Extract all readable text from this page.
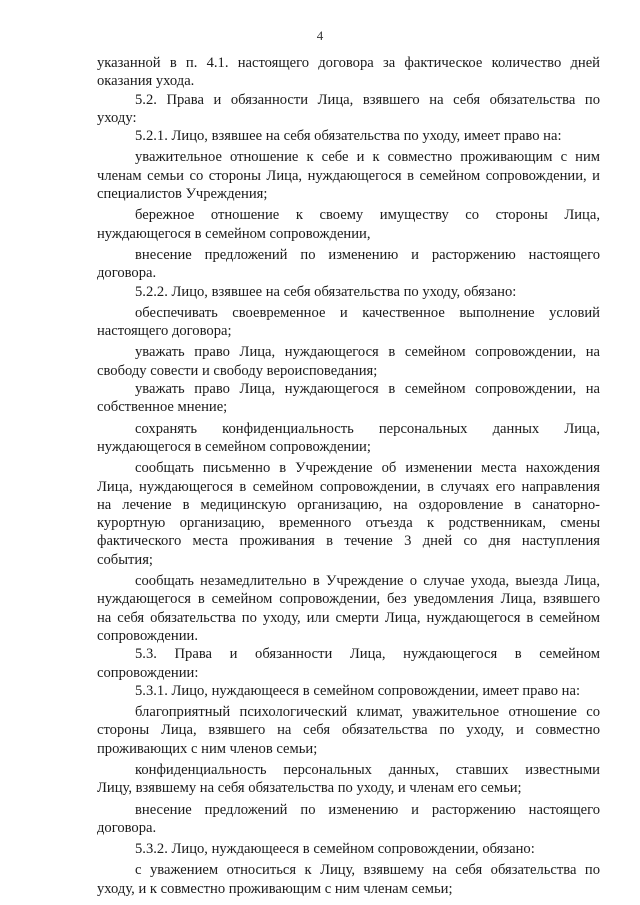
4
указанной в п. 4.1. настоящего договора за фактическое количество дней
оказания ухода.
5.2. Права и обязанности Лица, взявшего на себя обязательства по
уходу:
5.2.1. Лицо, взявшее на себя обязательства по уходу, имеет право на:
уважительное отношение к себе и к совместно проживающим с ним
членам семьи со стороны Лица, нуждающегося в семейном сопровождении, и
специалистов Учреждения;
бережное отношение к своему имуществу со стороны Лица,
нуждающегося в семейном сопровождении,
внесение предложений по изменению и расторжению настоящего
договора.
5.2.2. Лицо, взявшее на себя обязательства по уходу, обязано:
обеспечивать своевременное и качественное выполнение условий
настоящего договора;
уважать право Лица, нуждающегося в семейном сопровождении, на
свободу совести и свободу вероисповедания;
уважать право Лица, нуждающегося в семейном сопровождении, на
собственное мнение;
сохранять конфиденциальность персональных данных Лица,
нуждающегося в семейном сопровождении;
сообщать письменно в Учреждение об изменении места нахождения
Лица, нуждающегося в семейном сопровождении, в случаях его направления
на лечение в медицинскую организацию, на оздоровление в санаторно-
курортную организацию, временного отъезда к родственникам, смены
фактического места проживания в течение 3 дней со дня наступления
события;
сообщать незамедлительно в Учреждение о случае ухода, выезда Лица,
нуждающегося в семейном сопровождении, без уведомления Лица, взявшего
на себя обязательства по уходу, или смерти Лица, нуждающегося в семейном
сопровождении.
5.3. Права и обязанности Лица, нуждающегося в семейном
сопровождении:
5.3.1. Лицо, нуждающееся в семейном сопровождении, имеет право на:
благоприятный психологический климат, уважительное отношение со
стороны Лица, взявшего на себя обязательства по уходу, и совместно
проживающих с ним членов семьи;
конфиденциальность персональных данных, ставших известными
Лицу, взявшему на себя обязательства по уходу, и членам его семьи;
внесение предложений по изменению и расторжению настоящего
договора.
5.3.2. Лицо, нуждающееся в семейном сопровождении, обязано:
с уважением относиться к Лицу, взявшему на себя обязательства по
уходу, и к совместно проживающим с ним членам семьи;
